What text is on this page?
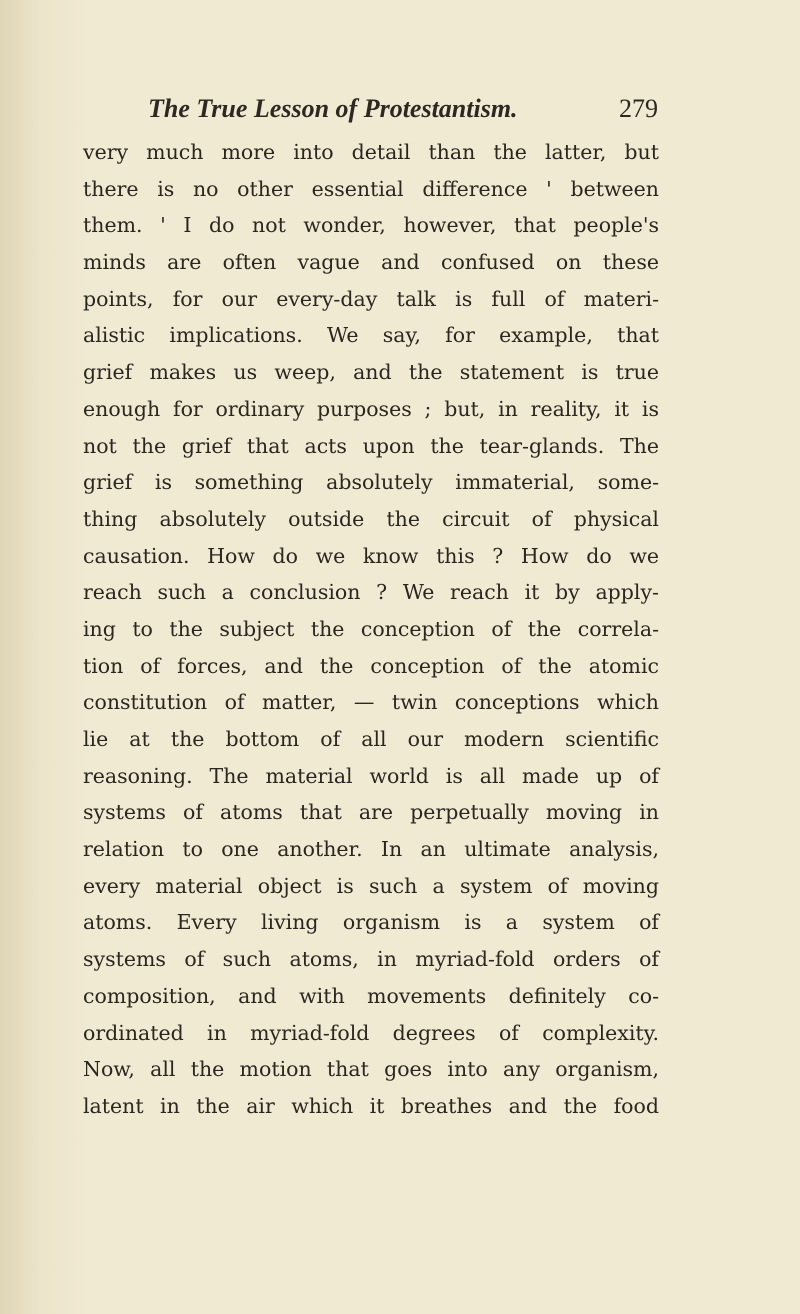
The True Lesson of Protestantism.	279
very much more into detail than the latter, but
there is no other essential difference ' between
them. ' I do not wonder, however, that people's
minds are often vague and confused on these
points, for our every-day talk is full of materi-
alistic implications. We say, for example, that
grief makes us weep, and the statement is true
enough for ordinary purposes ; but, in reality, it is
not the grief that acts upon the tear-glands. The
grief is something absolutely immaterial, some-
thing absolutely outside the circuit of physical
causation. How do we know this ? How do we
reach such a conclusion ? We reach it by apply-
ing to the subject the conception of the correla-
tion of forces, and the conception of the atomic
constitution of matter, — twin conceptions which
lie at the bottom of all our modern scientific
reasoning. The material world is all made up of
systems of atoms that are perpetually moving in
relation to one another. In an ultimate analysis,
every material object is such a system of moving
atoms. Every living organism is a system of
systems of such atoms, in myriad-fold orders of
composition, and with movements definitely co-
ordinated in myriad-fold degrees of complexity.
Now, all the motion that goes into any organism,
latent in the air which it breathes and the food
